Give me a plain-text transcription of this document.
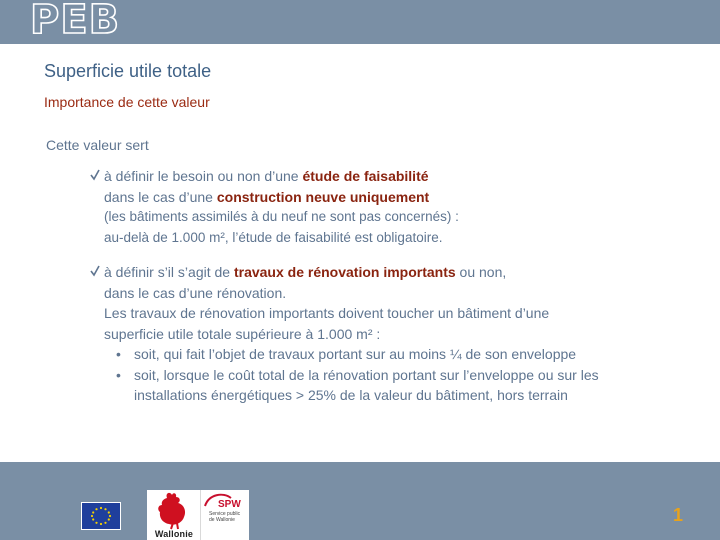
PEB
Superficie utile totale
Importance de cette valeur
Cette valeur sert
à définir le besoin ou non d’une étude de faisabilité
dans le cas d’une construction neuve uniquement
(les bâtiments assimilés à du neuf ne sont pas concernés) :
au-delà de 1.000 m², l’étude de faisabilité est obligatoire.
à définir s’il s’agit de travaux de rénovation importants ou non,
dans le cas d’une rénovation.
Les travaux de rénovation importants doivent toucher un bâtiment d’une
superficie utile totale supérieure à 1.000 m² :
• soit, qui fait l’objet de travaux portant sur au moins ¼ de son enveloppe
• soit, lorsque le coût total de la rénovation portant sur l’enveloppe ou sur les
installations énergétiques > 25% de la valeur du bâtiment, hors terrain
Wallonie
SPW
Service public de Wallonie	1
